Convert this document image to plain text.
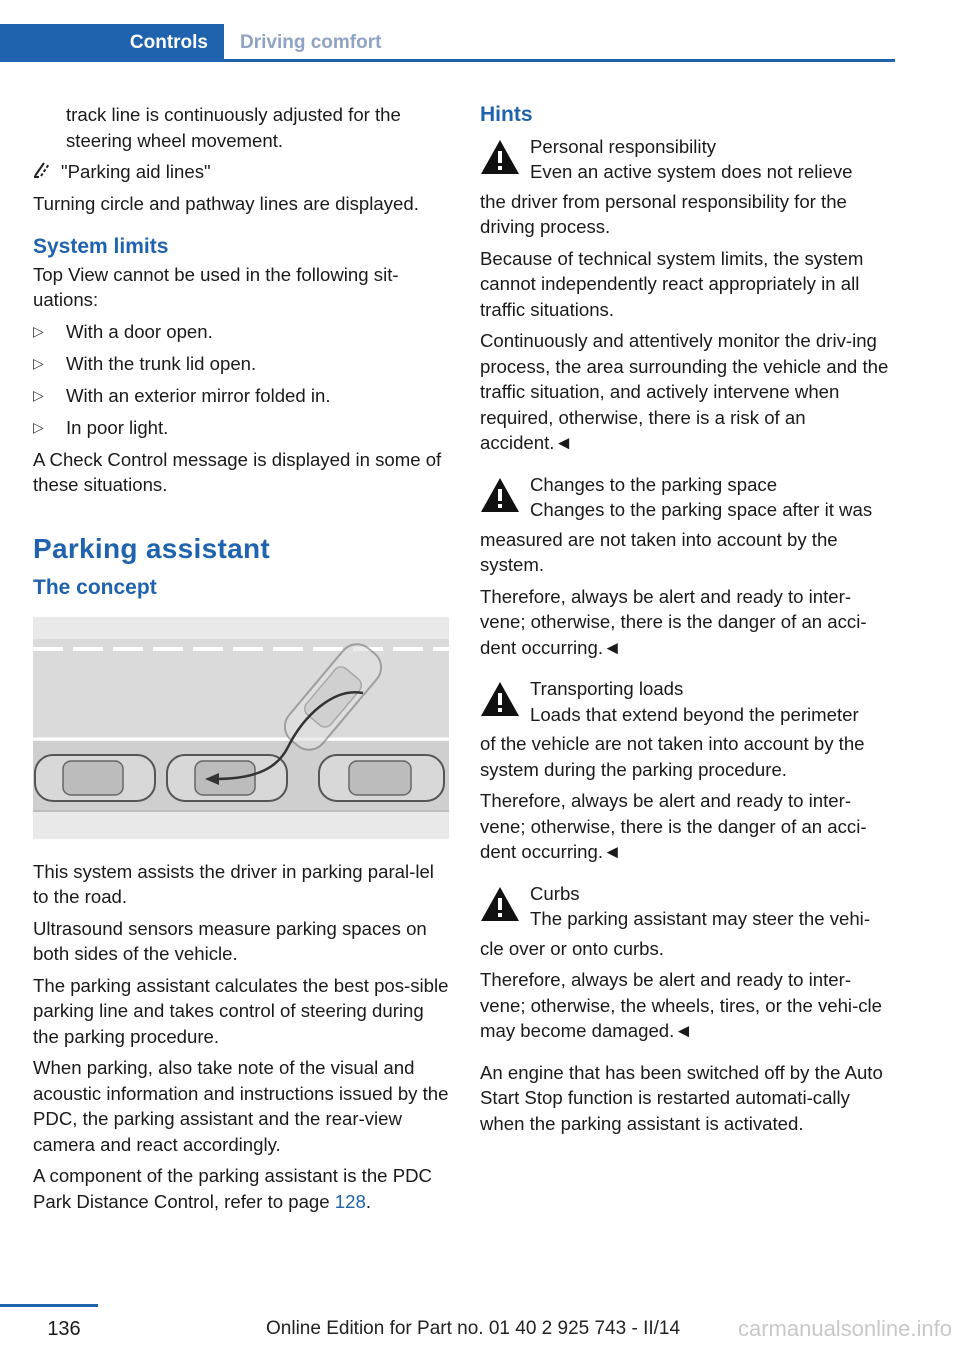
Controls	Driving comfort

track line is continuously adjusted for the steering wheel movement.

"Parking aid lines"

Turning circle and pathway lines are displayed.

System limits

Top View cannot be used in the following sit‐uations:

▷ With a door open.
▷ With the trunk lid open.
▷ With an exterior mirror folded in.
▷ In poor light.

A Check Control message is displayed in some of these situations.

Parking assistant
The concept

This system assists the driver in parking paral‐lel to the road.

Ultrasound sensors measure parking spaces on both sides of the vehicle.

The parking assistant calculates the best pos‐sible parking line and takes control of steering during the parking procedure.

When parking, also take note of the visual and acoustic information and instructions issued by the PDC, the parking assistant and the rear‐view camera and react accordingly.

A component of the parking assistant is the PDC Park Distance Control, refer to page 128.

Hints
Personal responsibility
Even an active system does not relieve

the driver from personal responsibility for the driving process.

Because of technical system limits, the system cannot independently react appropriately in all traffic situations.

Continuously and attentively monitor the driv‐ing process, the area surrounding the vehicle and the traffic situation, and actively intervene when required, otherwise, there is a risk of an accident.◄

Changes to the parking space
Changes to the parking space after it was

measured are not taken into account by the system.

Therefore, always be alert and ready to inter‐vene; otherwise, there is the danger of an acci‐dent occurring.◄

Transporting loads
Loads that extend beyond the perimeter

of the vehicle are not taken into account by the system during the parking procedure.

Therefore, always be alert and ready to inter‐vene; otherwise, there is the danger of an acci‐dent occurring.◄

Curbs
The parking assistant may steer the vehi‐

cle over or onto curbs.

Therefore, always be alert and ready to inter‐vene; otherwise, the wheels, tires, or the vehi‐cle may become damaged.◄

An engine that has been switched off by the Auto Start Stop function is restarted automati‐cally when the parking assistant is activated.

136	Online Edition for Part no. 01 40 2 925 743 - II/14	carmanualsonline.info
